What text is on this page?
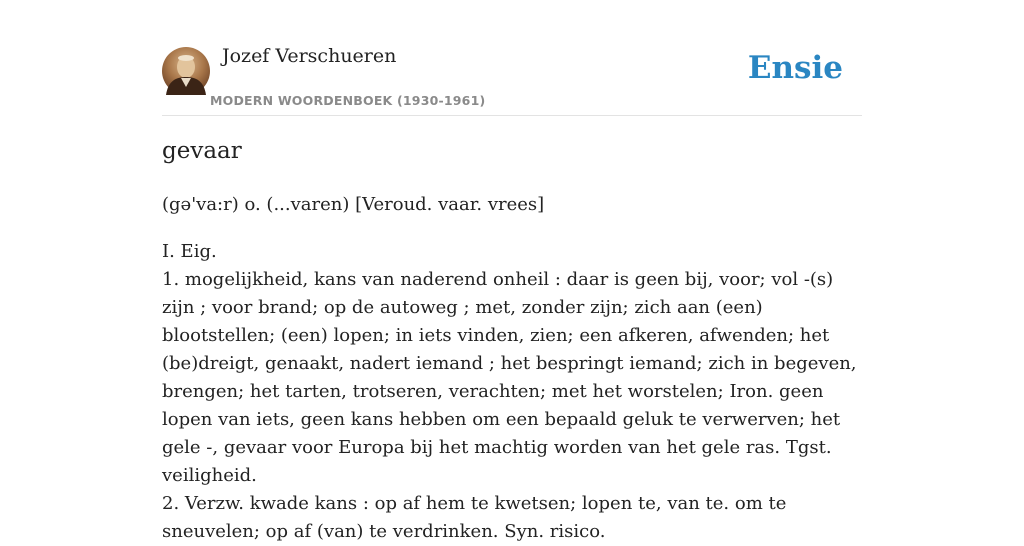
Jozef Verschueren
MODERN WOORDENBOEK (1930-1961)
Ensie
gevaar
(gə'va:r) o. (...varen) [Veroud. vaar. vrees]

I. Eig.

1. mogelijkheid, kans van naderend onheil : daar is geen bij, voor; vol -(s) zijn ; voor brand; op de autoweg ; met, zonder zijn; zich aan (een) blootstellen; (een) lopen; in iets vinden, zien; een afkeren, afwenden; het (be)dreigt, genaakt, nadert iemand ; het bespringt iemand; zich in begeven, brengen; het tarten, trotseren, verachten; met het worstelen; Iron. geen lopen van iets, geen kans hebben om een bepaald geluk te verwerven; het gele -, gevaar voor Europa bij het machtig worden van het gele ras. Tgst. veiligheid.

2. Verzw. kwade kans : op af hem te kwetsen; lopen te, van te. om te sneuvelen; op af (van) te verdrinken. Syn. risico.
